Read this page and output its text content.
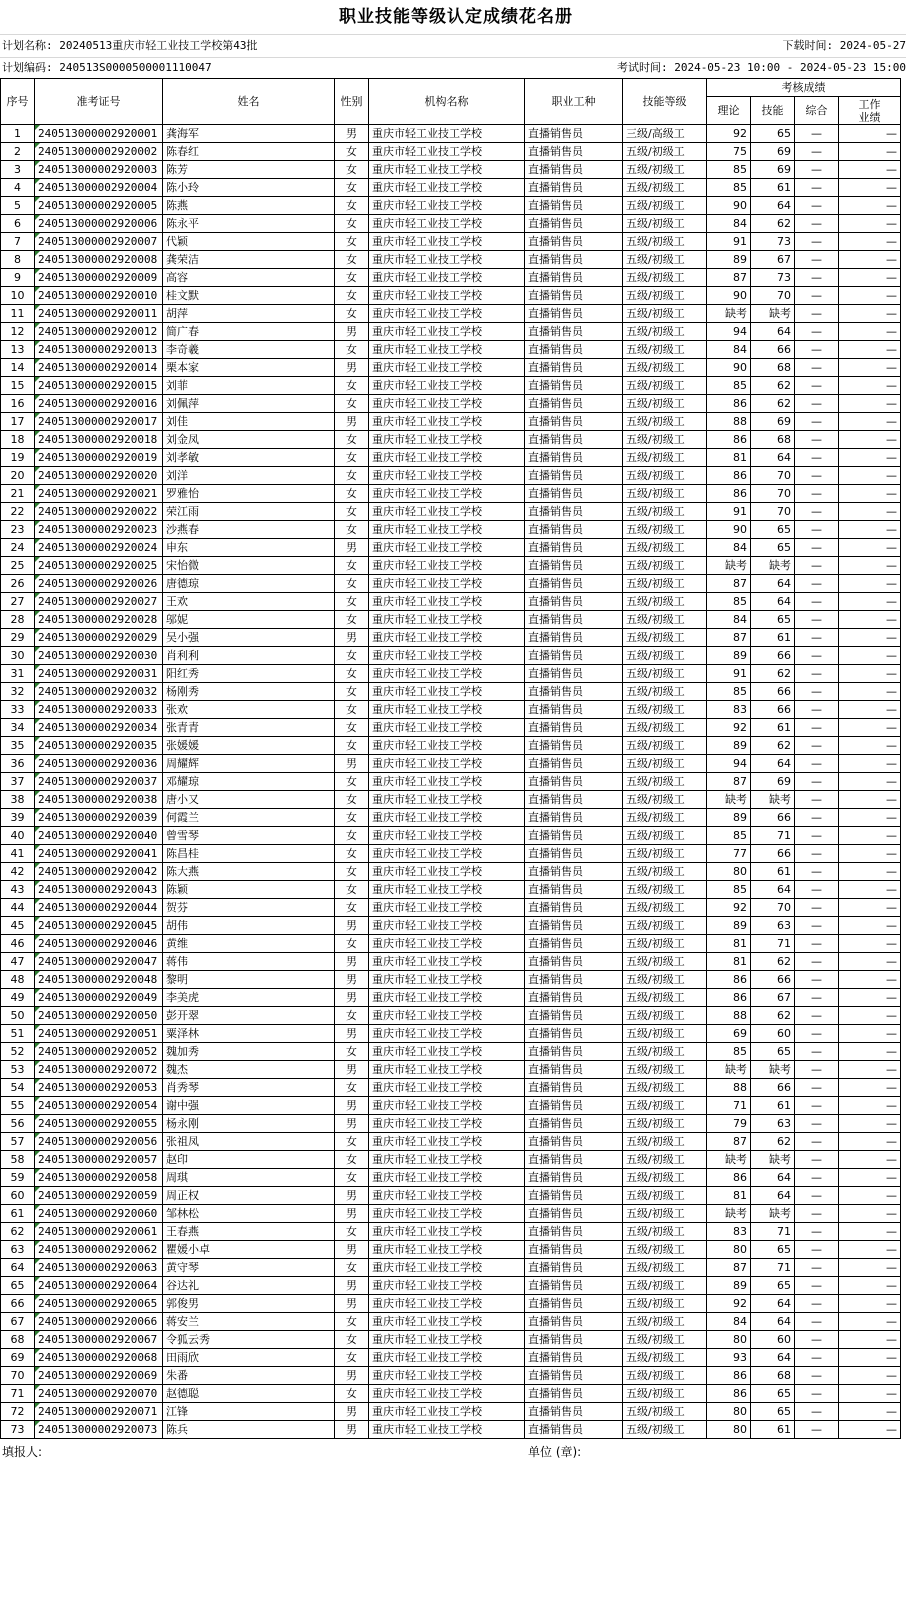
职业技能等级认定成绩花名册
计划名称: 20240513重庆市轻工业技工学校第43批	下载时间: 2024-05-27
计划编码: 240513S0000500001110047	考试时间: 2024-05-23 10:00 - 2024-05-23 15:00
序号	准考证号	姓名	性别	机构名称	职业工种	技能等级	考核成绩			
							理论	技能	综合	工作
业绩
1	240513000002920001	龚海军	男	重庆市轻工业技工学校	直播销售员	三级/高级工	92	65	—	—
2	240513000002920002	陈春红	女	重庆市轻工业技工学校	直播销售员	五级/初级工	75	69	—	—
3	240513000002920003	陈芳	女	重庆市轻工业技工学校	直播销售员	五级/初级工	85	69	—	—
4	240513000002920004	陈小玲	女	重庆市轻工业技工学校	直播销售员	五级/初级工	85	61	—	—
5	240513000002920005	陈燕	女	重庆市轻工业技工学校	直播销售员	五级/初级工	90	64	—	—
6	240513000002920006	陈永平	女	重庆市轻工业技工学校	直播销售员	五级/初级工	84	62	—	—
7	240513000002920007	代颖	女	重庆市轻工业技工学校	直播销售员	五级/初级工	91	73	—	—
8	240513000002920008	龚荣洁	女	重庆市轻工业技工学校	直播销售员	五级/初级工	89	67	—	—
9	240513000002920009	高容	女	重庆市轻工业技工学校	直播销售员	五级/初级工	87	73	—	—
10	240513000002920010	桂文默	女	重庆市轻工业技工学校	直播销售员	五级/初级工	90	70	—	—
11	240513000002920011	胡萍	女	重庆市轻工业技工学校	直播销售员	五级/初级工	缺考	缺考	—	—
12	240513000002920012	简广春	男	重庆市轻工业技工学校	直播销售员	五级/初级工	94	64	—	—
13	240513000002920013	李奇羲	女	重庆市轻工业技工学校	直播销售员	五级/初级工	84	66	—	—
14	240513000002920014	栗本家	男	重庆市轻工业技工学校	直播销售员	五级/初级工	90	68	—	—
15	240513000002920015	刘菲	女	重庆市轻工业技工学校	直播销售员	五级/初级工	85	62	—	—
16	240513000002920016	刘佩萍	女	重庆市轻工业技工学校	直播销售员	五级/初级工	86	62	—	—
17	240513000002920017	刘佳	男	重庆市轻工业技工学校	直播销售员	五级/初级工	88	69	—	—
18	240513000002920018	刘金凤	女	重庆市轻工业技工学校	直播销售员	五级/初级工	86	68	—	—
19	240513000002920019	刘孝敏	女	重庆市轻工业技工学校	直播销售员	五级/初级工	81	64	—	—
20	240513000002920020	刘洋	女	重庆市轻工业技工学校	直播销售员	五级/初级工	86	70	—	—
21	240513000002920021	罗雅怡	女	重庆市轻工业技工学校	直播销售员	五级/初级工	86	70	—	—
22	240513000002920022	荣江雨	女	重庆市轻工业技工学校	直播销售员	五级/初级工	91	70	—	—
23	240513000002920023	沙燕春	女	重庆市轻工业技工学校	直播销售员	五级/初级工	90	65	—	—
24	240513000002920024	申东	男	重庆市轻工业技工学校	直播销售员	五级/初级工	84	65	—	—
25	240513000002920025	宋怡微	女	重庆市轻工业技工学校	直播销售员	五级/初级工	缺考	缺考	—	—
26	240513000002920026	唐德琼	女	重庆市轻工业技工学校	直播销售员	五级/初级工	87	64	—	—
27	240513000002920027	王欢	女	重庆市轻工业技工学校	直播销售员	五级/初级工	85	64	—	—
28	240513000002920028	邬妮	女	重庆市轻工业技工学校	直播销售员	五级/初级工	84	65	—	—
29	240513000002920029	吴小强	男	重庆市轻工业技工学校	直播销售员	五级/初级工	87	61	—	—
30	240513000002920030	肖利利	女	重庆市轻工业技工学校	直播销售员	五级/初级工	89	66	—	—
31	240513000002920031	阳红秀	女	重庆市轻工业技工学校	直播销售员	五级/初级工	91	62	—	—
32	240513000002920032	杨刚秀	女	重庆市轻工业技工学校	直播销售员	五级/初级工	85	66	—	—
33	240513000002920033	张欢	女	重庆市轻工业技工学校	直播销售员	五级/初级工	83	66	—	—
34	240513000002920034	张青青	女	重庆市轻工业技工学校	直播销售员	五级/初级工	92	61	—	—
35	240513000002920035	张媛媛	女	重庆市轻工业技工学校	直播销售员	五级/初级工	89	62	—	—
36	240513000002920036	周耀辉	男	重庆市轻工业技工学校	直播销售员	五级/初级工	94	64	—	—
37	240513000002920037	邓耀琼	女	重庆市轻工业技工学校	直播销售员	五级/初级工	87	69	—	—
38	240513000002920038	唐小又	女	重庆市轻工业技工学校	直播销售员	五级/初级工	缺考	缺考	—	—
39	240513000002920039	何霞兰	女	重庆市轻工业技工学校	直播销售员	五级/初级工	89	66	—	—
40	240513000002920040	曾雪琴	女	重庆市轻工业技工学校	直播销售员	五级/初级工	85	71	—	—
41	240513000002920041	陈昌桂	女	重庆市轻工业技工学校	直播销售员	五级/初级工	77	66	—	—
42	240513000002920042	陈大燕	女	重庆市轻工业技工学校	直播销售员	五级/初级工	80	61	—	—
43	240513000002920043	陈颖	女	重庆市轻工业技工学校	直播销售员	五级/初级工	85	64	—	—
44	240513000002920044	贺芬	女	重庆市轻工业技工学校	直播销售员	五级/初级工	92	70	—	—
45	240513000002920045	胡伟	男	重庆市轻工业技工学校	直播销售员	五级/初级工	89	63	—	—
46	240513000002920046	黄维	女	重庆市轻工业技工学校	直播销售员	五级/初级工	81	71	—	—
47	240513000002920047	蒋伟	男	重庆市轻工业技工学校	直播销售员	五级/初级工	81	62	—	—
48	240513000002920048	黎明	男	重庆市轻工业技工学校	直播销售员	五级/初级工	86	66	—	—
49	240513000002920049	李美虎	男	重庆市轻工业技工学校	直播销售员	五级/初级工	86	67	—	—
50	240513000002920050	彭开翠	女	重庆市轻工业技工学校	直播销售员	五级/初级工	88	62	—	—
51	240513000002920051	粟泽林	男	重庆市轻工业技工学校	直播销售员	五级/初级工	69	60	—	—
52	240513000002920052	魏加秀	女	重庆市轻工业技工学校	直播销售员	五级/初级工	85	65	—	—
53	240513000002920072	魏杰	男	重庆市轻工业技工学校	直播销售员	五级/初级工	缺考	缺考	—	—
54	240513000002920053	肖秀琴	女	重庆市轻工业技工学校	直播销售员	五级/初级工	88	66	—	—
55	240513000002920054	谢中强	男	重庆市轻工业技工学校	直播销售员	五级/初级工	71	61	—	—
56	240513000002920055	杨永刚	男	重庆市轻工业技工学校	直播销售员	五级/初级工	79	63	—	—
57	240513000002920056	张祖凤	女	重庆市轻工业技工学校	直播销售员	五级/初级工	87	62	—	—
58	240513000002920057	赵印	女	重庆市轻工业技工学校	直播销售员	五级/初级工	缺考	缺考	—	—
59	240513000002920058	周琪	女	重庆市轻工业技工学校	直播销售员	五级/初级工	86	64	—	—
60	240513000002920059	周正权	男	重庆市轻工业技工学校	直播销售员	五级/初级工	81	64	—	—
61	240513000002920060	邹林松	男	重庆市轻工业技工学校	直播销售员	五级/初级工	缺考	缺考	—	—
62	240513000002920061	王春燕	女	重庆市轻工业技工学校	直播销售员	五级/初级工	83	71	—	—
63	240513000002920062	瞿媛小卓	男	重庆市轻工业技工学校	直播销售员	五级/初级工	80	65	—	—
64	240513000002920063	黄守琴	女	重庆市轻工业技工学校	直播销售员	五级/初级工	87	71	—	—
65	240513000002920064	谷达礼	男	重庆市轻工业技工学校	直播销售员	五级/初级工	89	65	—	—
66	240513000002920065	郭俊男	男	重庆市轻工业技工学校	直播销售员	五级/初级工	92	64	—	—
67	240513000002920066	蒋安兰	女	重庆市轻工业技工学校	直播销售员	五级/初级工	84	64	—	—
68	240513000002920067	令狐云秀	女	重庆市轻工业技工学校	直播销售员	五级/初级工	80	60	—	—
69	240513000002920068	田雨欣	女	重庆市轻工业技工学校	直播销售员	五级/初级工	93	64	—	—
70	240513000002920069	朱番	男	重庆市轻工业技工学校	直播销售员	五级/初级工	86	68	—	—
71	240513000002920070	赵德聪	女	重庆市轻工业技工学校	直播销售员	五级/初级工	86	65	—	—
72	240513000002920071	江锋	男	重庆市轻工业技工学校	直播销售员	五级/初级工	80	65	—	—
73	240513000002920073	陈兵	男	重庆市轻工业技工学校	直播销售员	五级/初级工	80	61	—	—
填报人:	单位 (章):
